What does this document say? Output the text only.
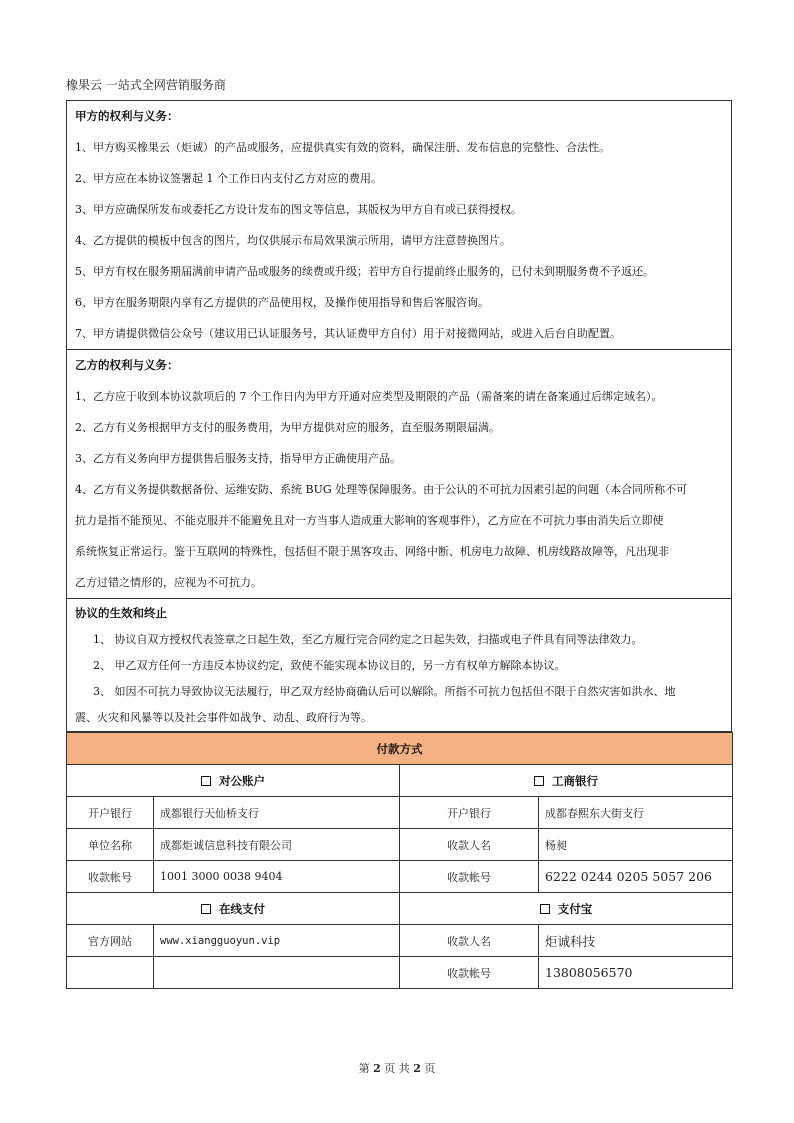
橡果云 一站式全网营销服务商
甲方的权利与义务：

1、甲方购买橡果云（炬诚）的产品或服务，应提供真实有效的资料，确保注册、发布信息的完整性、合法性。

2、甲方应在本协议签署起 1 个工作日内支付乙方对应的费用。

3、甲方应确保所发布或委托乙方设计发布的图文等信息，其版权为甲方自有或已获得授权。

4、乙方提供的模板中包含的图片，均仅供展示布局效果演示所用，请甲方注意替换图片。

5、甲方有权在服务期届满前申请产品或服务的续费或升级；若甲方自行提前终止服务的，已付未到期服务费不予返还。

6、甲方在服务期限内享有乙方提供的产品使用权，及操作使用指导和售后客服咨询。

7、甲方请提供微信公众号（建议用已认证服务号，其认证费甲方自付）用于对接微网站，或进入后台自助配置。

乙方的权利与义务：

1、乙方应于收到本协议款项后的 7 个工作日内为甲方开通对应类型及期限的产品（需备案的请在备案通过后绑定域名）。

2、乙方有义务根据甲方支付的服务费用，为甲方提供对应的服务，直至服务期限届满。

3、乙方有义务向甲方提供售后服务支持，指导甲方正确使用产品。

4、乙方有义务提供数据备份、运维安防、系统 BUG 处理等保障服务。由于公认的不可抗力因素引起的问题（本合同所称不可

抗力是指不能预见、不能克服并不能避免且对一方当事人造成重大影响的客观事件），乙方应在不可抗力事由消失后立即使

系统恢复正常运行。鉴于互联网的特殊性，包括但不限于黑客攻击、网络中断、机房电力故障、机房线路故障等，凡出现非

乙方过错之情形的，应视为不可抗力。

协议的生效和终止

1、 协议自双方授权代表签章之日起生效，至乙方履行完合同约定之日起失效，扫描或电子件具有同等法律效力。

2、 甲乙双方任何一方违反本协议约定，致使不能实现本协议目的，另一方有权单方解除本协议。

3、 如因不可抗力导致协议无法履行，甲乙双方经协商确认后可以解除。所指不可抗力包括但不限于自然灾害如洪水、地

震、火灾和风暴等以及社会事件如战争、动乱、政府行为等。

付款方式			
对公账户		工商银行	
开户银行	成都银行天仙桥支行	开户银行	成都春熙东大街支行
单位名称	成都炬诚信息科技有限公司	收款人名	杨昶
收款帐号	1001 3000 0038 9404	收款帐号	6222 0244 0205 5057 206
在线支付		支付宝	
官方网站	www.xiangguoyun.vip	收款人名	炬诚科技
		收款帐号	13808056570
第 2 页 共 2 页
